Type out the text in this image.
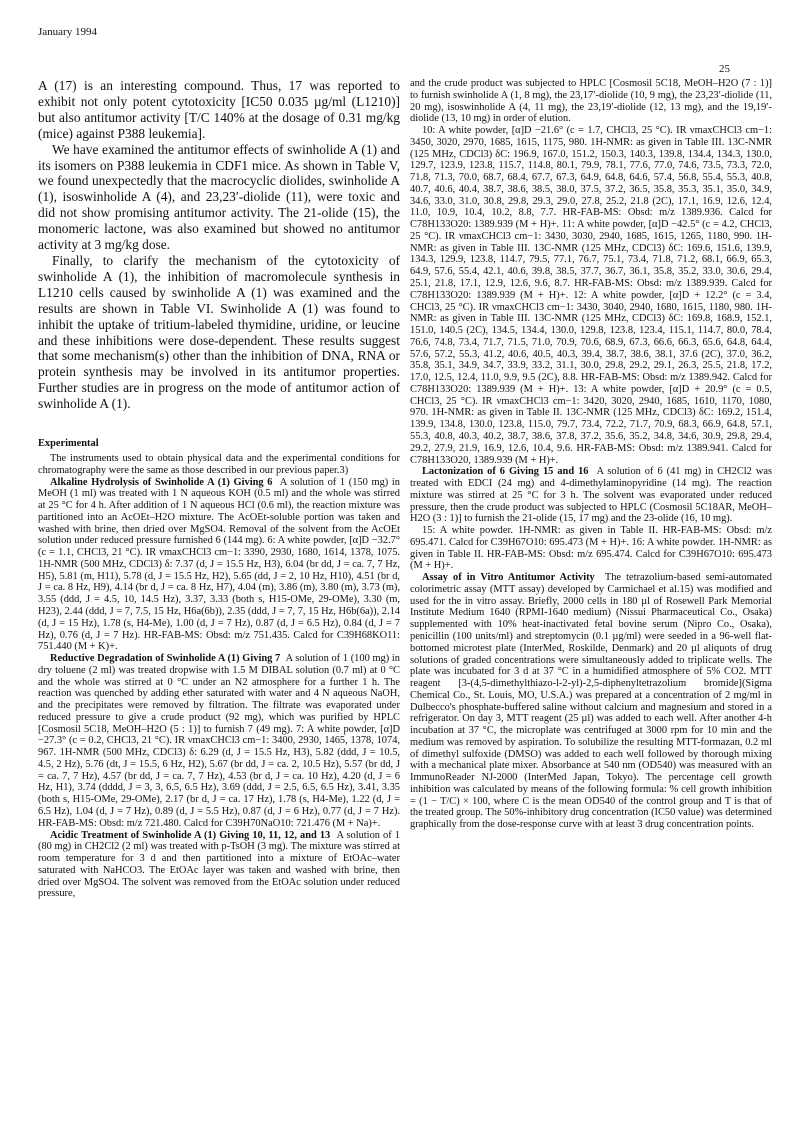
January 1994
25

A (17) is an interesting compound. Thus, 17 was reported to exhibit not only potent cytotoxicity [IC50 0.035 µg/ml (L1210)] but also antitumor activity [T/C 140% at the dosage of 0.31 mg/kg (mice) against P388 leukemia].

We have examined the antitumor effects of swinholide A (1) and its isomers on P388 leukemia in CDF1 mice. As shown in Table V, we found unexpectedly that the macrocyclic diolides, swinholide A (1), isoswinholide A (4), and 23,23′-diolide (11), were toxic and did not show promising antitumor activity. The 21-olide (15), the monomeric lactone, was also examined but showed no antitumor activity at 3 mg/kg dose.

Finally, to clarify the mechanism of the cytotoxicity of swinholide A (1), the inhibition of macromolecule synthesis in L1210 cells caused by swinholide A (1) was examined and the results are shown in Table VI. Swinholide A (1) was found to inhibit the uptake of tritium-labeled thymidine, uridine, or leucine and these inhibitions were dose-dependent. These results suggest that some mechanism(s) other than the inhibition of DNA, RNA or protein synthesis may be involved in its antitumor properties. Further studies are in progress on the mode of antitumor action of swinholide A (1).

Experimental

The instruments used to obtain physical data and the experimental conditions for chromatography were the same as those described in our previous paper.3)

Alkaline Hydrolysis of Swinholide A (1) Giving 6 A solution of 1 (150 mg) in MeOH (1 ml) was treated with 1 N aqueous KOH (0.5 ml) and the whole was stirred at 25 °C for 4 h. After addition of 1 N aqueous HCl (0.6 ml), the reaction mixture was partitioned into an AcOEt–H2O mixture. The AcOEt-soluble portion was taken and washed with brine, then dried over MgSO4. Removal of the solvent from the AcOEt solution under reduced pressure furnished 6 (144 mg). 6: A white powder, [α]D −32.7° (c = 1.1, CHCl3, 21 °C). IR νmaxCHCl3 cm−1: 3390, 2930, 1680, 1614, 1378, 1075. 1H-NMR (500 MHz, CDCl3) δ: 7.37 (d, J = 15.5 Hz, H3), 6.04 (br dd, J = ca. 7, 7 Hz, H5), 5.81 (m, H11), 5.78 (d, J = 15.5 Hz, H2), 5.65 (dd, J = 2, 10 Hz, H10), 4.51 (br d, J = ca. 8 Hz, H9), 4.14 (br d, J = ca. 8 Hz, H7), 4.04 (m), 3.86 (m), 3.80 (m), 3.73 (m), 3.55 (ddd, J = 4.5, 10, 14.5 Hz), 3.37, 3.33 (both s, H15-OMe, 29-OMe), 3.30 (m, H23), 2.44 (ddd, J = 7, 7.5, 15 Hz, H6a(6b)), 2.35 (ddd, J = 7, 7, 15 Hz, H6b(6a)), 2.14 (d, J = 15 Hz), 1.78 (s, H4-Me), 1.00 (d, J = 7 Hz), 0.87 (d, J = 6.5 Hz), 0.84 (d, J = 7 Hz), 0.76 (d, J = 7 Hz). HR-FAB-MS: Obsd: m/z 751.435. Calcd for C39H68KO11: 751.440 (M + K)+.

Reductive Degradation of Swinholide A (1) Giving 7 A solution of 1 (100 mg) in dry toluene (2 ml) was treated dropwise with 1.5 M DIBAL solution (0.7 ml) at 0 °C and the whole was stirred at 0 °C under an N2 atmosphere for a further 1 h. The reaction was quenched by adding ether saturated with water and 4 N aqueous NaOH, and the precipitates were removed by filtration. The filtrate was evaporated under reduced pressure to give a crude product (92 mg), which was purified by HPLC [Cosmosil 5C18, MeOH–H2O (5 : 1)] to furnish 7 (49 mg). 7: A white powder, [α]D −27.3° (c = 0.2, CHCl3, 21 °C). IR νmaxCHCl3 cm−1: 3400, 2930, 1465, 1378, 1074, 967. 1H-NMR (500 MHz, CDCl3) δ: 6.29 (d, J = 15.5 Hz, H3), 5.82 (ddd, J = 10.5, 4.5, 2 Hz), 5.76 (dt, J = 15.5, 6 Hz, H2), 5.67 (br dd, J = ca. 2, 10.5 Hz), 5.57 (br dd, J = ca. 7, 7 Hz), 4.57 (br dd, J = ca. 7, 7 Hz), 4.53 (br d, J = ca. 10 Hz), 4.20 (d, J = 6 Hz, H1), 3.74 (dddd, J = 3, 3, 6.5, 6.5 Hz), 3.69 (ddd, J = 2.5, 6.5, 6.5 Hz), 3.41, 3.35 (both s, H15-OMe, 29-OMe), 2.17 (br d, J = ca. 17 Hz), 1.78 (s, H4-Me), 1.22 (d, J = 6.5 Hz), 1.04 (d, J = 7 Hz), 0.89 (d, J = 5.5 Hz), 0.87 (d, J = 6 Hz), 0.77 (d, J = 7 Hz). HR-FAB-MS: Obsd: m/z 721.480. Calcd for C39H70NaO10: 721.476 (M + Na)+.

Acidic Treatment of Swinholide A (1) Giving 10, 11, 12, and 13 A solution of 1 (80 mg) in CH2Cl2 (2 ml) was treated with p-TsOH (3 mg). The mixture was stirred at room temperature for 3 d and then partitioned into a mixture of EtOAc–water saturated with NaHCO3. The EtOAc layer was taken and washed with brine, then dried over MgSO4. The solvent was removed from the EtOAc solution under reduced pressure,

and the crude product was subjected to HPLC [Cosmosil 5C18, MeOH–H2O (7 : 1)] to furnish swinholide A (1, 8 mg), the 23,17′-diolide (10, 9 mg), the 23,23′-diolide (11, 20 mg), isoswinholide A (4, 11 mg), the 23,19′-diolide (12, 13 mg), and the 19,19′-diolide (13, 10 mg) in order of elution.

10: A white powder, [α]D −21.6° (c = 1.7, CHCl3, 25 °C). IR νmaxCHCl3 cm−1: 3450, 3020, 2970, 1685, 1615, 1175, 980. 1H-NMR: as given in Table III. 13C-NMR (125 MHz, CDCl3) δC: 196.9, 167.0, 151.2, 150.3, 140.3, 139.8, 134.4, 134.3, 130.0, 129.7, 123.9, 123.8, 115.7, 114.8, 80.1, 79.9, 78.1, 77.6, 77.0, 74.6, 73.5, 73.3, 72.0, 71.8, 71.3, 70.0, 68.7, 68.4, 67.7, 67.3, 64.9, 64.8, 64.6, 57.4, 56.8, 55.4, 55.3, 40.8, 40.7, 40.6, 40.4, 38.7, 38.6, 38.5, 38.0, 37.5, 37.2, 36.5, 35.8, 35.3, 35.1, 35.0, 34.9, 34.6, 33.0, 31.0, 30.8, 29.8, 29.3, 29.0, 27.8, 25.2, 21.8 (2C), 17.1, 16.9, 12.6, 12.4, 11.0, 10.9, 10.4, 10.2, 8.8, 7.7. HR-FAB-MS: Obsd: m/z 1389.936. Calcd for C78H133O20: 1389.939 (M + H)+. 11: A white powder, [α]D −42.5° (c = 4.2, CHCl3, 25 °C). IR νmaxCHCl3 cm−1: 3430, 3030, 2940, 1685, 1615, 1265, 1180, 990. 1H-NMR: as given in Table III. 13C-NMR (125 MHz, CDCl3) δC: 169.6, 151.6, 139.9, 134.3, 129.9, 123.8, 114.7, 79.5, 77.1, 76.7, 75.1, 73.4, 71.8, 71.2, 68.1, 66.9, 65.3, 64.9, 57.6, 55.4, 42.1, 40.6, 39.8, 38.5, 37.7, 36.7, 36.1, 35.8, 35.2, 33.0, 30.6, 29.4, 25.1, 21.8, 17.1, 12.9, 12.6, 9.6, 8.7. HR-FAB-MS: Obsd: m/z 1389.939. Calcd for C78H133O20: 1389.939 (M + H)+. 12: A white powder, [α]D + 12.2° (c = 3.4, CHCl3, 25 °C). IR νmaxCHCl3 cm−1: 3430, 3040, 2940, 1680, 1615, 1180, 980. 1H-NMR: as given in Table III. 13C-NMR (125 MHz, CDCl3) δC: 169.8, 168.9, 152.1, 151.0, 140.5 (2C), 134.5, 134.4, 130.0, 129.8, 123.8, 123.4, 115.1, 114.7, 80.0, 78.4, 76.6, 74.8, 73.4, 71.7, 71.5, 71.0, 70.9, 70.6, 68.9, 67.3, 66.6, 66.3, 65.6, 64.8, 64.4, 57.6, 57.2, 55.3, 41.2, 40.6, 40.5, 40.3, 39.4, 38.7, 38.6, 38.1, 37.6 (2C), 37.0, 36.2, 35.8, 35.1, 34.9, 34.7, 33.9, 33.2, 31.1, 30.0, 29.8, 29.2, 29.1, 26.3, 25.5, 21.8, 17.2, 17.0, 12.5, 12.4, 11.0, 9.9, 9.5 (2C), 8.8. HR-FAB-MS: Obsd: m/z 1389.942. Calcd for C78H133O20: 1389.939 (M + H)+. 13: A white powder, [α]D + 20.9° (c = 0.5, CHCl3, 25 °C). IR νmaxCHCl3 cm−1: 3420, 3020, 2940, 1685, 1610, 1170, 1080, 970. 1H-NMR: as given in Table II. 13C-NMR (125 MHz, CDCl3) δC: 169.2, 151.4, 139.9, 134.8, 130.0, 123.8, 115.0, 79.7, 73.4, 72.2, 71.7, 70.9, 68.3, 66.9, 64.8, 57.1, 55.3, 40.8, 40.3, 40.2, 38.7, 38.6, 37.8, 37.2, 35.6, 35.2, 34.8, 34.6, 30.9, 29.8, 29.4, 29.2, 27.9, 21.9, 16.9, 12.6, 10.4, 9.6. HR-FAB-MS: Obsd: m/z 1389.941. Calcd for C78H133O20, 1389.939 (M + H)+.

Lactonization of 6 Giving 15 and 16 A solution of 6 (41 mg) in CH2Cl2 was treated with EDCI (24 mg) and 4-dimethylaminopyridine (14 mg). The reaction mixture was stirred at 25 °C for 3 h. The solvent was evaporated under reduced pressure, then the crude product was subjected to HPLC (Cosmosil 5C18AR, MeOH–H2O (3 : 1)] to furnish the 21-olide (15, 17 mg) and the 23-olide (16, 10 mg).

15: A white powder. 1H-NMR: as given in Table II. HR-FAB-MS: Obsd: m/z 695.471. Calcd for C39H67O10: 695.473 (M + H)+. 16: A white powder. 1H-NMR: as given in Table II. HR-FAB-MS: Obsd: m/z 695.474. Calcd for C39H67O10: 695.473 (M + H)+.

Assay of in Vitro Antitumor Activity The tetrazolium-based semi-automated colorimetric assay (MTT assay) developed by Carmichael et al.15) was modified and used for the in vitro assay. Briefly, 2000 cells in 180 µl of Rosewell Park Memorial Institute Medium 1640 (RPMI-1640 medium) (Nissui Pharmaceutical Co., Osaka) supplemented with 10% heat-inactivated fetal bovine serum (Nipro Co., Osaka), penicillin (100 units/ml) and streptomycin (0.1 µg/ml) were seeded in a 96-well flat-bottomed microtest plate (InterMed, Roskilde, Denmark) and 20 µl aliquots of drug solutions of graded concentrations were simultaneously added to triplicate wells. The plate was incubated for 3 d at 37 °C in a humidified atmosphere of 5% CO2. MTT reagent [3-(4,5-dimethylthiazo-l-2-yl)-2,5-diphenyltetrazolium bromide](Sigma Chemical Co., St. Louis, MO, U.S.A.) was prepared at a concentration of 2 mg/ml in Dulbecco's phosphate-buffered saline without calcium and magnesium and stored in a refrigerator. On day 3, MTT reagent (25 µl) was added to each well. After another 4-h incubation at 37 °C, the microplate was centrifuged at 3000 rpm for 10 min and the medium was removed by aspiration. To solubilize the resulting MTT-formazan, 0.2 ml of dimethyl sulfoxide (DMSO) was added to each well followed by thorough mixing with a mechanical plate mixer. Absorbance at 540 nm (OD540) was measured with an ImmunoReader NJ-2000 (InterMed Japan, Tokyo). The percentage cell growth inhibition was calculated by means of the following formula: % cell growth inhibition = (1 − T/C) × 100, where C is the mean OD540 of the control group and T is that of the treated group. The 50%-inhibitory drug concentration (IC50 value) was determined graphically from the dose-response curve with at least 3 drug concentration points.
